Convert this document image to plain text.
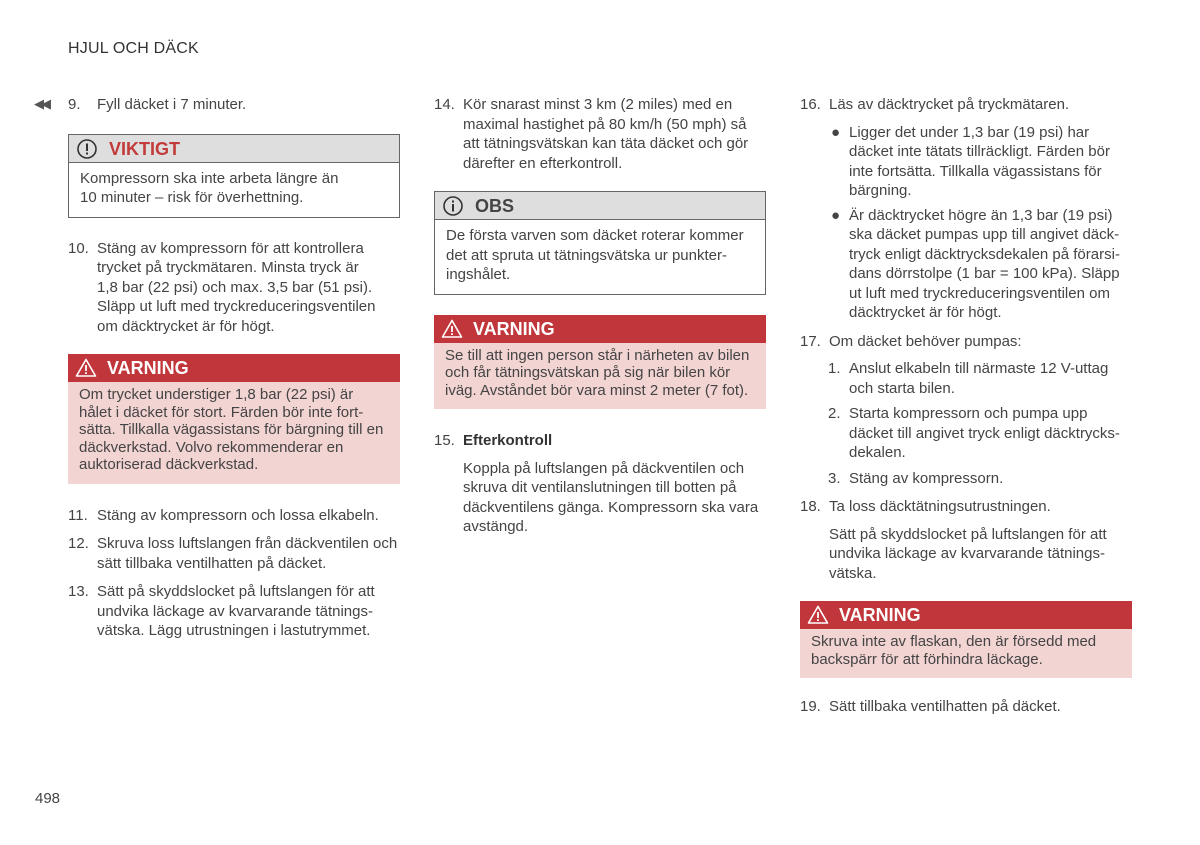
HJUL OCH DÄCK
◀◀ 9. Fyll däcket i 7 minuter.
VIKTIGT
Kompressorn ska inte arbeta längre än
10 minuter – risk för överhettning.
10. Stäng av kompressorn för att kontrollera
trycket på tryckmätaren. Minsta tryck är
1,8 bar (22 psi) och max. 3,5 bar (51 psi).
Släpp ut luft med tryckreduceringsventilen
om däcktrycket är för högt.
VARNING
Om trycket understiger 1,8 bar (22 psi) är
hålet i däcket för stort. Färden bör inte fort-
sätta. Tillkalla vägassistans för bärgning till en
däckverkstad. Volvo rekommenderar en
auktoriserad däckverkstad.
11. Stäng av kompressorn och lossa elkabeln.
12. Skruva loss luftslangen från däckventilen och
sätt tillbaka ventilhatten på däcket.
13. Sätt på skyddslocket på luftslangen för att
undvika läckage av kvarvarande tätnings-
vätska. Lägg utrustningen i lastutrymmet.
14. Kör snarast minst 3 km (2 miles) med en
maximal hastighet på 80 km/h (50 mph) så
att tätningsvätskan kan täta däcket och gör
därefter en efterkontroll.
OBS
De första varven som däcket roterar kommer
det att spruta ut tätningsvätska ur punkter-
ingshålet.
VARNING
Se till att ingen person står i närheten av bilen
och får tätningsvätskan på sig när bilen kör
iväg. Avståndet bör vara minst 2 meter (7 fot).
15. Efterkontroll
Koppla på luftslangen på däckventilen och
skruva dit ventilanslutningen till botten på
däckventilens gänga. Kompressorn ska vara
avstängd.
16. Läs av däcktrycket på tryckmätaren.
● Ligger det under 1,3 bar (19 psi) har
däcket inte tätats tillräckligt. Färden bör
inte fortsätta. Tillkalla vägassistans för
bärgning.
● Är däcktrycket högre än 1,3 bar (19 psi)
ska däcket pumpas upp till angivet däck-
tryck enligt däcktrycksdekalen på förarsi-
dans dörrstolpe (1 bar = 100 kPa). Släpp
ut luft med tryckreduceringsventilen om
däcktrycket är för högt.
17. Om däcket behöver pumpas:
1. Anslut elkabeln till närmaste 12 V-uttag
och starta bilen.
2. Starta kompressorn och pumpa upp
däcket till angivet tryck enligt däcktrycks-
dekalen.
3. Stäng av kompressorn.
18. Ta loss däcktätningsutrustningen.
Sätt på skyddslocket på luftslangen för att
undvika läckage av kvarvarande tätnings-
vätska.
VARNING
Skruva inte av flaskan, den är försedd med
backspärr för att förhindra läckage.
19. Sätt tillbaka ventilhatten på däcket.
498
